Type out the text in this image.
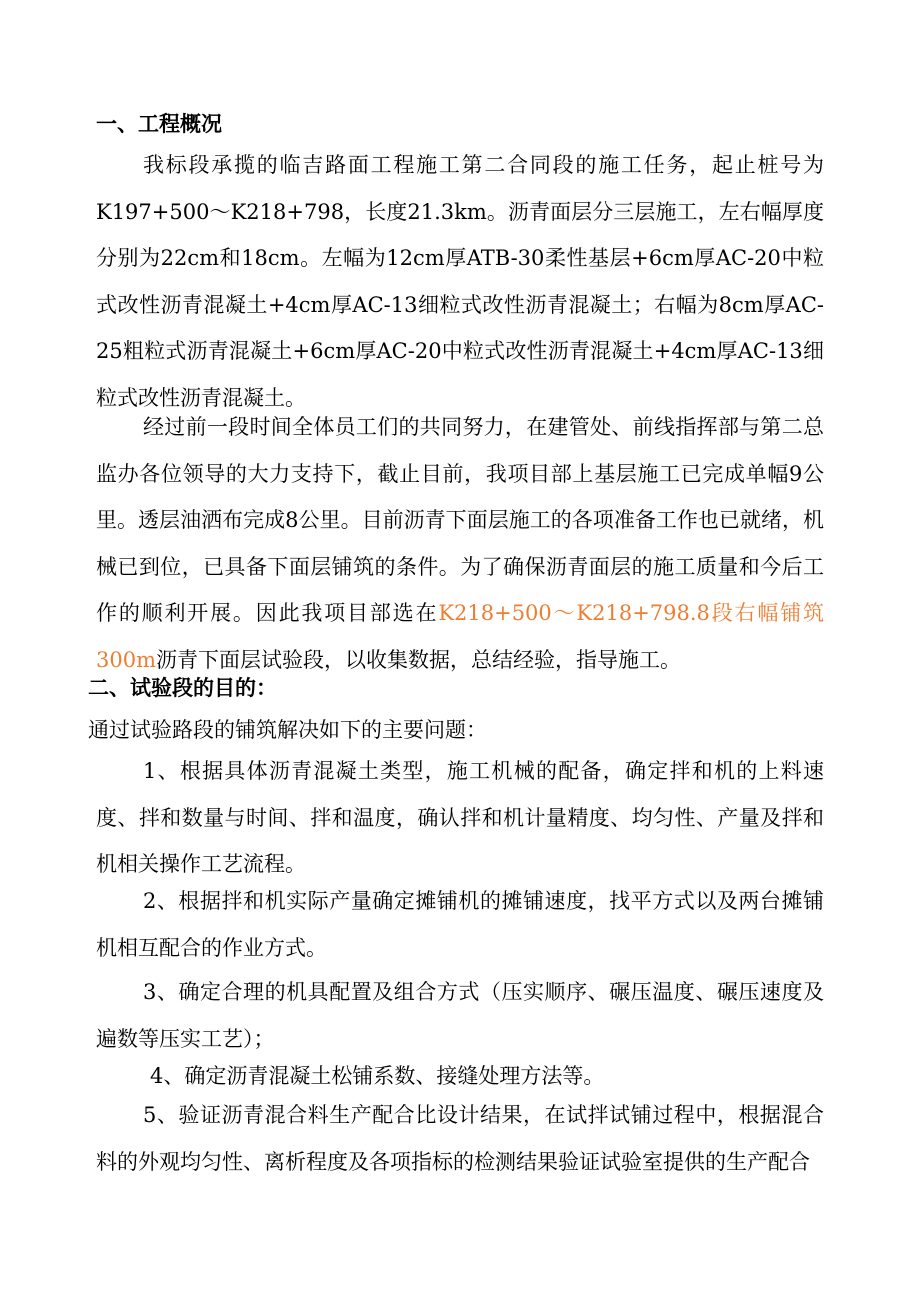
一、工程概况

我标段承揽的临吉路面工程施工第二合同段的施工任务，起止桩号为K197+500～K218+798，长度21.3km。沥青面层分三层施工，左右幅厚度分别为22cm和18cm。左幅为12cm厚ATB-30柔性基层+6cm厚AC-20中粒式改性沥青混凝土+4cm厚AC-13细粒式改性沥青混凝土；右幅为8cm厚AC-25粗粒式沥青混凝土+6cm厚AC-20中粒式改性沥青混凝土+4cm厚AC-13细粒式改性沥青混凝土。

经过前一段时间全体员工们的共同努力，在建管处、前线指挥部与第二总监办各位领导的大力支持下，截止目前，我项目部上基层施工已完成单幅9公里。透层油洒布完成8公里。目前沥青下面层施工的各项准备工作也已就绪，机械已到位，已具备下面层铺筑的条件。为了确保沥青面层的施工质量和今后工作的顺利开展。因此我项目部选在K218+500～K218+798.8段右幅铺筑300m沥青下面层试验段，以收集数据，总结经验，指导施工。

二、试验段的目的：
通过试验路段的铺筑解决如下的主要问题：

1、根据具体沥青混凝土类型，施工机械的配备，确定拌和机的上料速度、拌和数量与时间、拌和温度，确认拌和机计量精度、均匀性、产量及拌和机相关操作工艺流程。

2、根据拌和机实际产量确定摊铺机的摊铺速度，找平方式以及两台摊铺机相互配合的作业方式。

3、确定合理的机具配置及组合方式（压实顺序、碾压温度、碾压速度及遍数等压实工艺）；

4、确定沥青混凝土松铺系数、接缝处理方法等。

5、验证沥青混合料生产配合比设计结果，在试拌试铺过程中，根据混合料的外观均匀性、离析程度及各项指标的检测结果验证试验室提供的生产配合
